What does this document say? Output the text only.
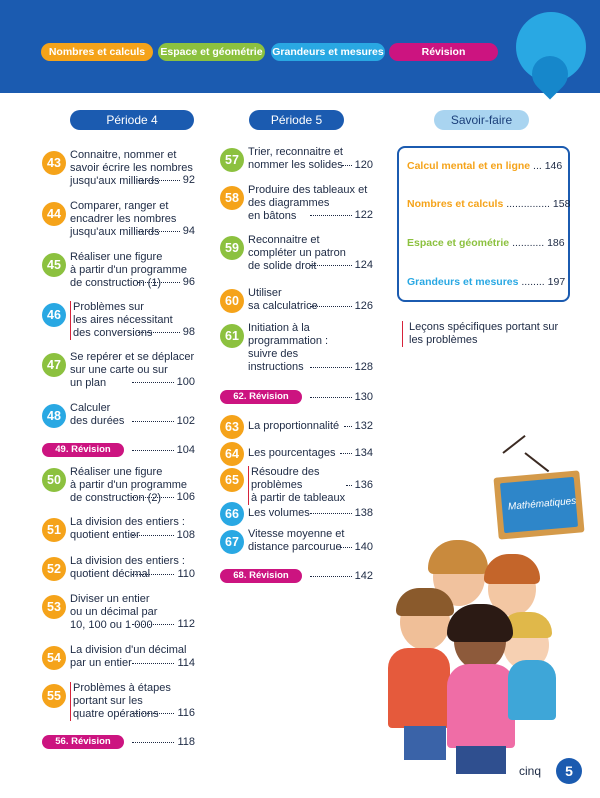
Nombres et calculs	Espace et géométrie Grandeurs et mesures	Révision
Période 4	Période 5	Savoir-faire
43
Connaitre, nommer et
savoir écrire les nombres
jusqu'aux milliards	92
44
Comparer, ranger et
encadrer les nombres
jusqu'aux milliards	94
45
Réaliser une figure
à partir d'un programme
de construction (1)	96
46
Problèmes sur
les aires nécessitant
des conversions	98
47
Se repérer et se déplacer
sur une carte ou sur
un plan	100
48
Calculer
des durées	102
49. Révision	104
50
Réaliser une figure
à partir d'un programme
de construction (2)	106
51
La division des entiers :
quotient entier	108
52
La division des entiers :
quotient décimal	110
53
Diviser un entier
ou un décimal par
10, 100 ou 1 000	112
54
La division d'un décimal
par un entier	114
55
Problèmes à étapes
portant sur les
quatre opérations	116
56. Révision	118
57
Trier, reconnaitre et
nommer les solides	120
58
Produire des tableaux et
des diagrammes
en bâtons	122
59
Reconnaitre et
compléter un patron
de solide droit	124
60
Utiliser
sa calculatrice	126
61
Initiation à la
programmation :
suivre des
instructions	128
62. Révision	130
63 La proportionnalité	132
64 Les pourcentages	134
65
Résoudre des problèmes
à partir de tableaux
136
66 Les volumes	138
67
Vitesse moyenne et
distance parcourue	140
68. Révision	142
Calcul mental et en ligne ... 146
Nombres et calculs ............... 158
Espace et géométrie ........... 186
Grandeurs et mesures ........ 197
Leçons spécifiques portant sur les problèmes
Mathématiques
cinq	5
